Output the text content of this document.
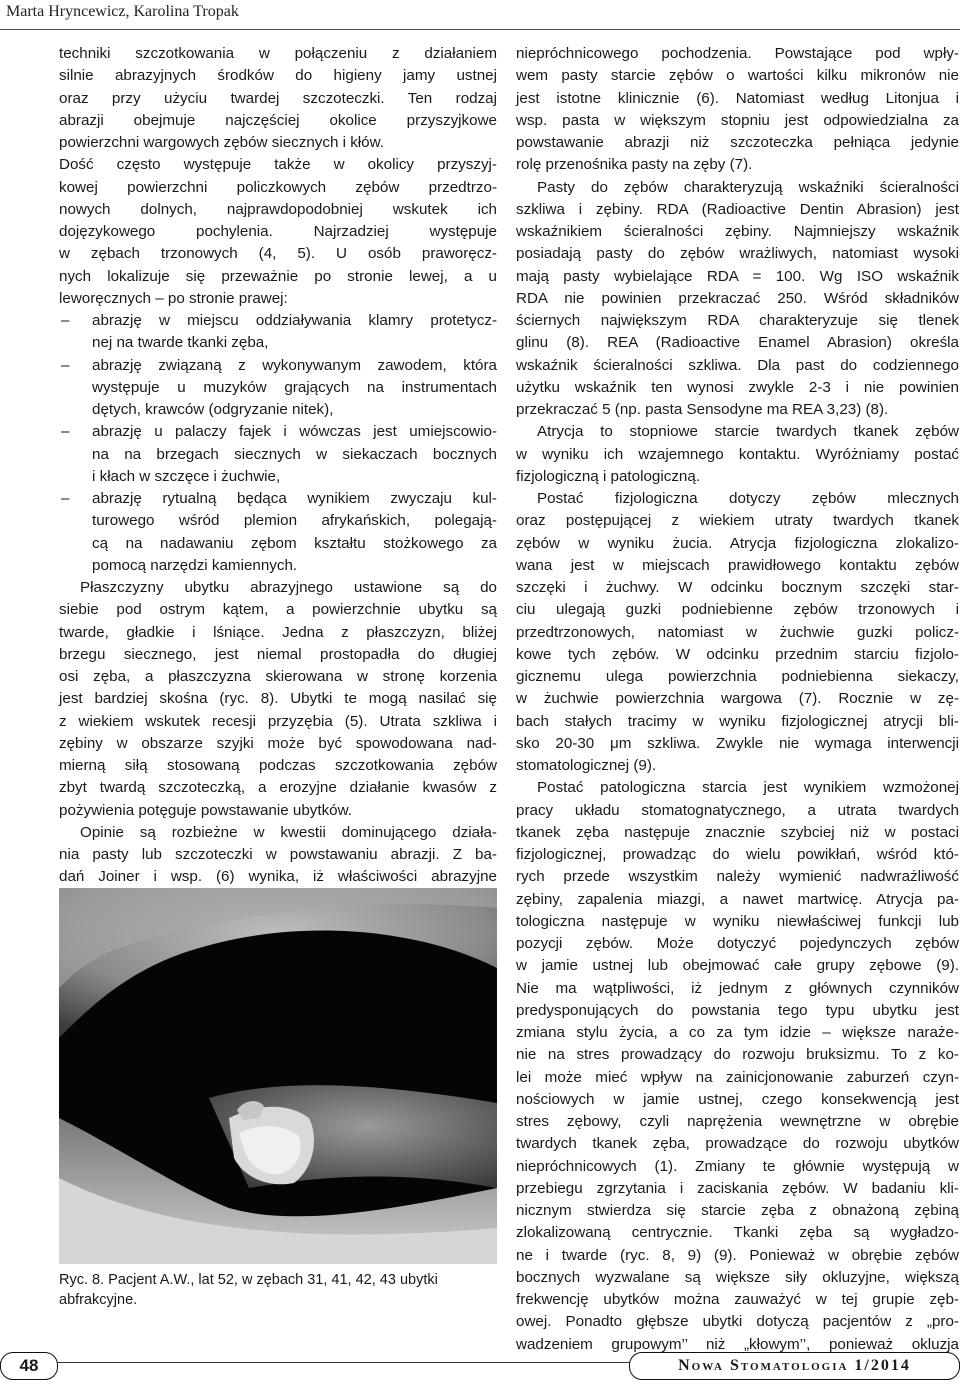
Marta Hryncewicz, Karolina Tropak
techniki szczotkowania w połączeniu z działaniem
silnie abrazyjnych środków do higieny jamy ustnej
oraz przy użyciu twardej szczoteczki. Ten rodzaj
abrazji obejmuje najczęściej okolice przyszyjkowe
powierzchni wargowych zębów siecznych i kłów.
Dość często występuje także w okolicy przyszyj-
kowej powierzchni policzkowych zębów przedtrzo-
nowych dolnych, najprawdopodobniej wskutek ich
dojęzykowego pochylenia. Najrzadziej występuje
w zębach trzonowych (4, 5). U osób praworęcz-
nych lokalizuje się przeważnie po stronie lewej, a u
leworęcznych – po stronie prawej:
– abrazję w miejscu oddziaływania klamry protetycz-
nej na twarde tkanki zęba,
– abrazję związaną z wykonywanym zawodem, która
występuje u muzyków grających na instrumentach
dętych, krawców (odgryzanie nitek),
– abrazję u palaczy fajek i wówczas jest umiejscowio-
na na brzegach siecznych w siekaczach bocznych
i kłach w szczęce i żuchwie,
– abrazję rytualną będąca wynikiem zwyczaju kul-
turowego wśród plemion afrykańskich, polegają-
cą na nadawaniu zębom kształtu stożkowego za
pomocą narzędzi kamiennych.
Płaszczyzny ubytku abrazyjnego ustawione są do
siebie pod ostrym kątem, a powierzchnie ubytku są
twarde, gładkie i lśniące. Jedna z płaszczyzn, bliżej
brzegu siecznego, jest niemal prostopadła do długiej
osi zęba, a płaszczyzna skierowana w stronę korzenia
jest bardziej skośna (ryc. 8). Ubytki te mogą nasilać się
z wiekiem wskutek recesji przyzębia (5). Utrata szkliwa i
zębiny w obszarze szyjki może być spowodowana nad-
mierną siłą stosowaną podczas szczotkowania zębów
zbyt twardą szczoteczką, a erozyjne działanie kwasów z
pożywienia potęguje powstawanie ubytków.
Opinie są rozbieżne w kwestii dominującego działa-
nia pasty lub szczoteczki w powstawaniu abrazji. Z ba-
dań Joiner i wsp. (6) wynika, iż właściwości abrazyjne
Ryc. 8. Pacjent A.W., lat 52, w zębach 31, 41, 42, 43 ubytki abfrakcyjne.
niepróchnicowego pochodzenia. Powstające pod wpły-
wem pasty starcie zębów o wartości kilku mikronów nie
jest istotne klinicznie (6). Natomiast według Litonjua i
wsp. pasta w większym stopniu jest odpowiedzialna za
powstawanie abrazji niż szczoteczka pełniąca jedynie
rolę przenośnika pasty na zęby (7).
Pasty do zębów charakteryzują wskaźniki ścieralności
szkliwa i zębiny. RDA (Radioactive Dentin Abrasion) jest
wskaźnikiem ścieralności zębiny. Najmniejszy wskaźnik
posiadają pasty do zębów wrażliwych, natomiast wysoki
mają pasty wybielające RDA = 100. Wg ISO wskaźnik
RDA nie powinien przekraczać 250. Wśród składników
ściernych największym RDA charakteryzuje się tlenek
glinu (8). REA (Radioactive Enamel Abrasion) określa
wskaźnik ścieralności szkliwa. Dla past do codziennego
użytku wskaźnik ten wynosi zwykle 2-3 i nie powinien
przekraczać 5 (np. pasta Sensodyne ma REA 3,23) (8).
Atrycja to stopniowe starcie twardych tkanek zębów
w wyniku ich wzajemnego kontaktu. Wyróżniamy postać
fizjologiczną i patologiczną.
Postać fizjologiczna dotyczy zębów mlecznych
oraz postępującej z wiekiem utraty twardych tkanek
zębów w wyniku żucia. Atrycja fizjologiczna zlokalizo-
wana jest w miejscach prawidłowego kontaktu zębów
szczęki i żuchwy. W odcinku bocznym szczęki star-
ciu ulegają guzki podniebienne zębów trzonowych i
przedtrzonowych, natomiast w żuchwie guzki policz-
kowe tych zębów. W odcinku przednim starciu fizjolo-
gicznemu ulega powierzchnia podniebienna siekaczy,
w żuchwie powierzchnia wargowa (7). Rocznie w zę-
bach stałych tracimy w wyniku fizjologicznej atrycji bli-
sko 20-30 μm szkliwa. Zwykle nie wymaga interwencji
stomatologicznej (9).
Postać patologiczna starcia jest wynikiem wzmożonej
pracy układu stomatognatycznego, a utrata twardych
tkanek zęba następuje znacznie szybciej niż w postaci
fizjologicznej, prowadząc do wielu powikłań, wśród któ-
rych przede wszystkim należy wymienić nadwrażliwość
zębiny, zapalenia miazgi, a nawet martwicę. Atrycja pa-
tologiczna następuje w wyniku niewłaściwej funkcji lub
pozycji zębów. Może dotyczyć pojedynczych zębów
w jamie ustnej lub obejmować całe grupy zębowe (9).
Nie ma wątpliwości, iż jednym z głównych czynników
predysponujących do powstania tego typu ubytku jest
zmiana stylu życia, a co za tym idzie – większe naraże-
nie na stres prowadzący do rozwoju bruksizmu. To z ko-
lei może mieć wpływ na zainicjonowanie zaburzeń czyn-
nościowych w jamie ustnej, czego konsekwencją jest
stres zębowy, czyli naprężenia wewnętrzne w obrębie
twardych tkanek zęba, prowadzące do rozwoju ubytków
niepróchnicowych (1). Zmiany te głównie występują w
przebiegu zgrzytania i zaciskania zębów. W badaniu kli-
nicznym stwierdza się starcie zęba z obnażoną zębiną
zlokalizowaną centrycznie. Tkanki zęba są wygładzo-
ne i twarde (ryc. 8, 9) (9). Ponieważ w obrębie zębów
bocznych wyzwalane są większe siły okluzyjne, większą
frekwencję ubytków można zauważyć w tej grupie zęb-
owej. Ponadto głębsze ubytki dotyczą pacjentów z „pro-
wadzeniem grupowym’’ niż „kłowym’’, ponieważ okluzja
48	Nowa Stomatologia 1/2014
